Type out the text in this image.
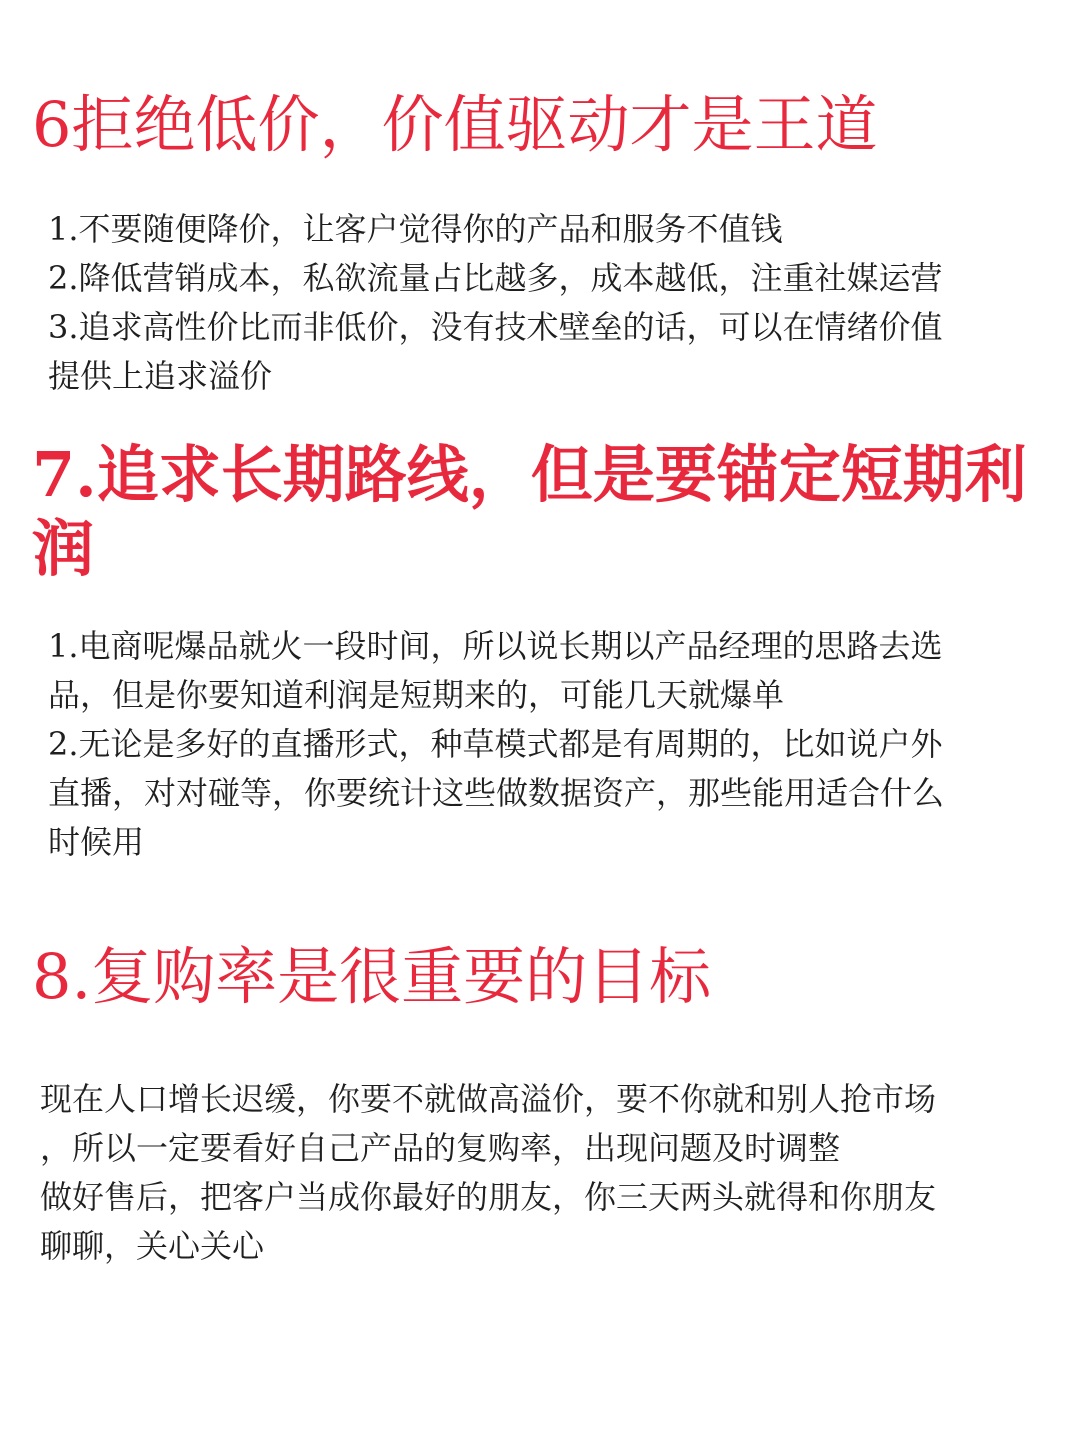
6拒绝低价，价值驱动才是王道

1.不要随便降价，让客户觉得你的产品和服务不值钱
2.降低营销成本，私欲流量占比越多，成本越低，注重社媒运营
3.追求高性价比而非低价，没有技术壁垒的话，可以在情绪价值
提供上追求溢价

7.追求长期路线，但是要锚定短期利
润

1.电商呢爆品就火一段时间，所以说长期以产品经理的思路去选
品，但是你要知道利润是短期来的，可能几天就爆单
2.无论是多好的直播形式，种草模式都是有周期的，比如说户外
直播，对对碰等，你要统计这些做数据资产，那些能用适合什么
时候用

8.复购率是很重要的目标

现在人口增长迟缓，你要不就做高溢价，要不你就和别人抢市场
，所以一定要看好自己产品的复购率，出现问题及时调整
做好售后，把客户当成你最好的朋友，你三天两头就得和你朋友
聊聊，关心关心
